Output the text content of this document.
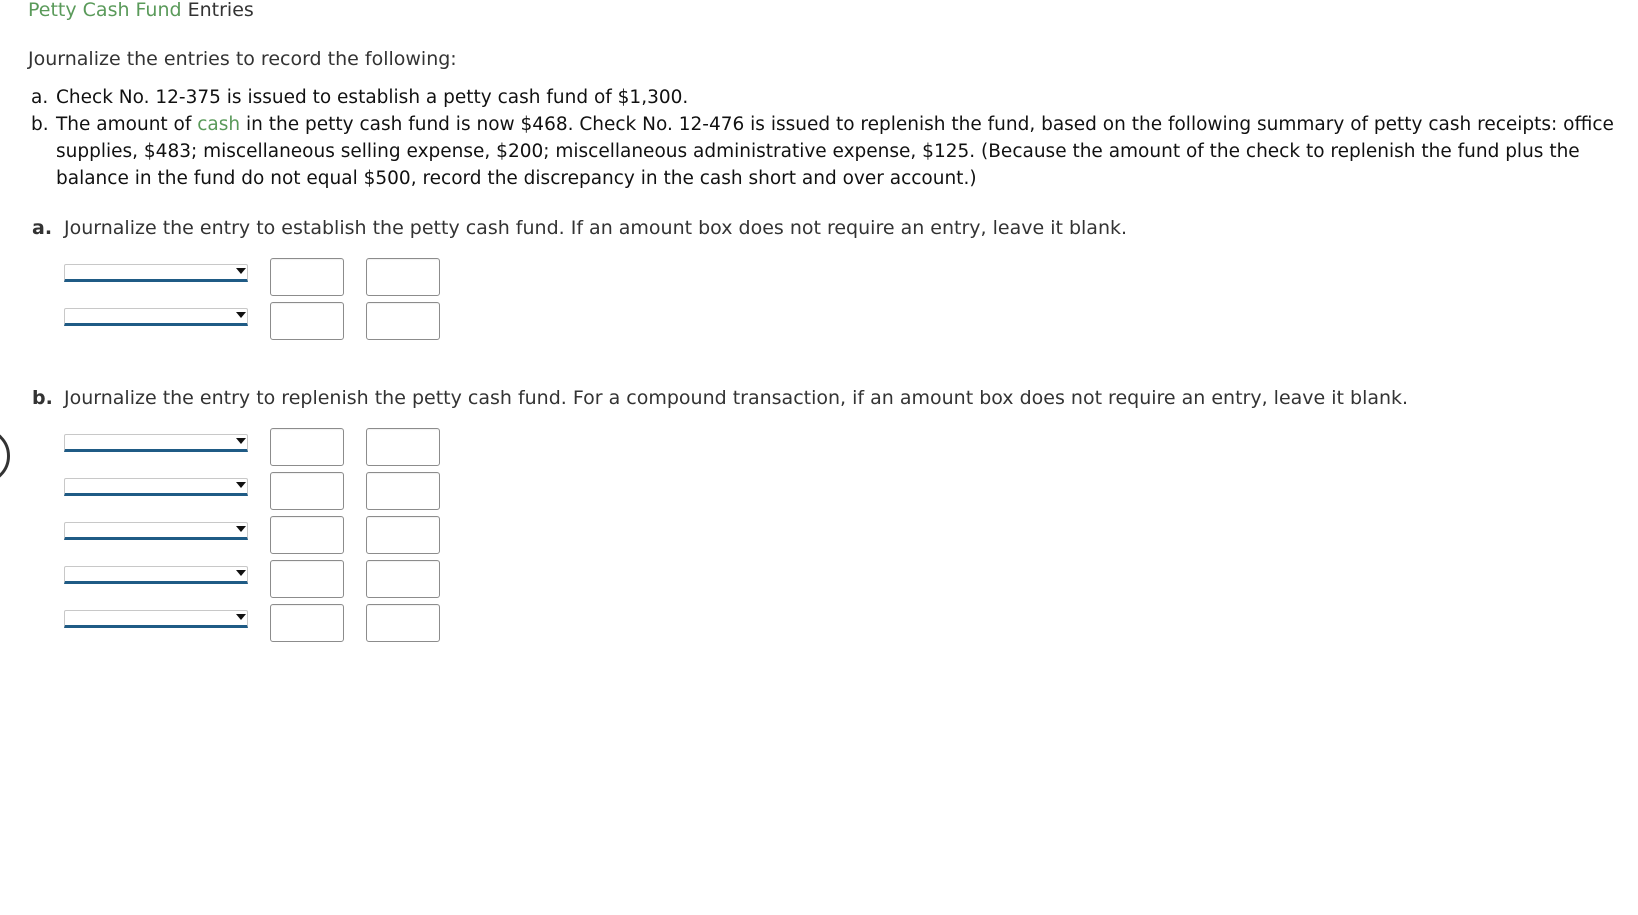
Petty Cash Fund Entries
Journalize the entries to record the following:
a. Check No. 12-375 is issued to establish a petty cash fund of $1,300.
b. The amount of cash in the petty cash fund is now $468. Check No. 12-476 is issued to replenish the fund, based on the following summary of petty cash receipts: office supplies, $483; miscellaneous selling expense, $200; miscellaneous administrative expense, $125. (Because the amount of the check to replenish the fund plus the balance in the fund do not equal $500, record the discrepancy in the cash short and over account.)
a. Journalize the entry to establish the petty cash fund. If an amount box does not require an entry, leave it blank.
b. Journalize the entry to replenish the petty cash fund. For a compound transaction, if an amount box does not require an entry, leave it blank.
